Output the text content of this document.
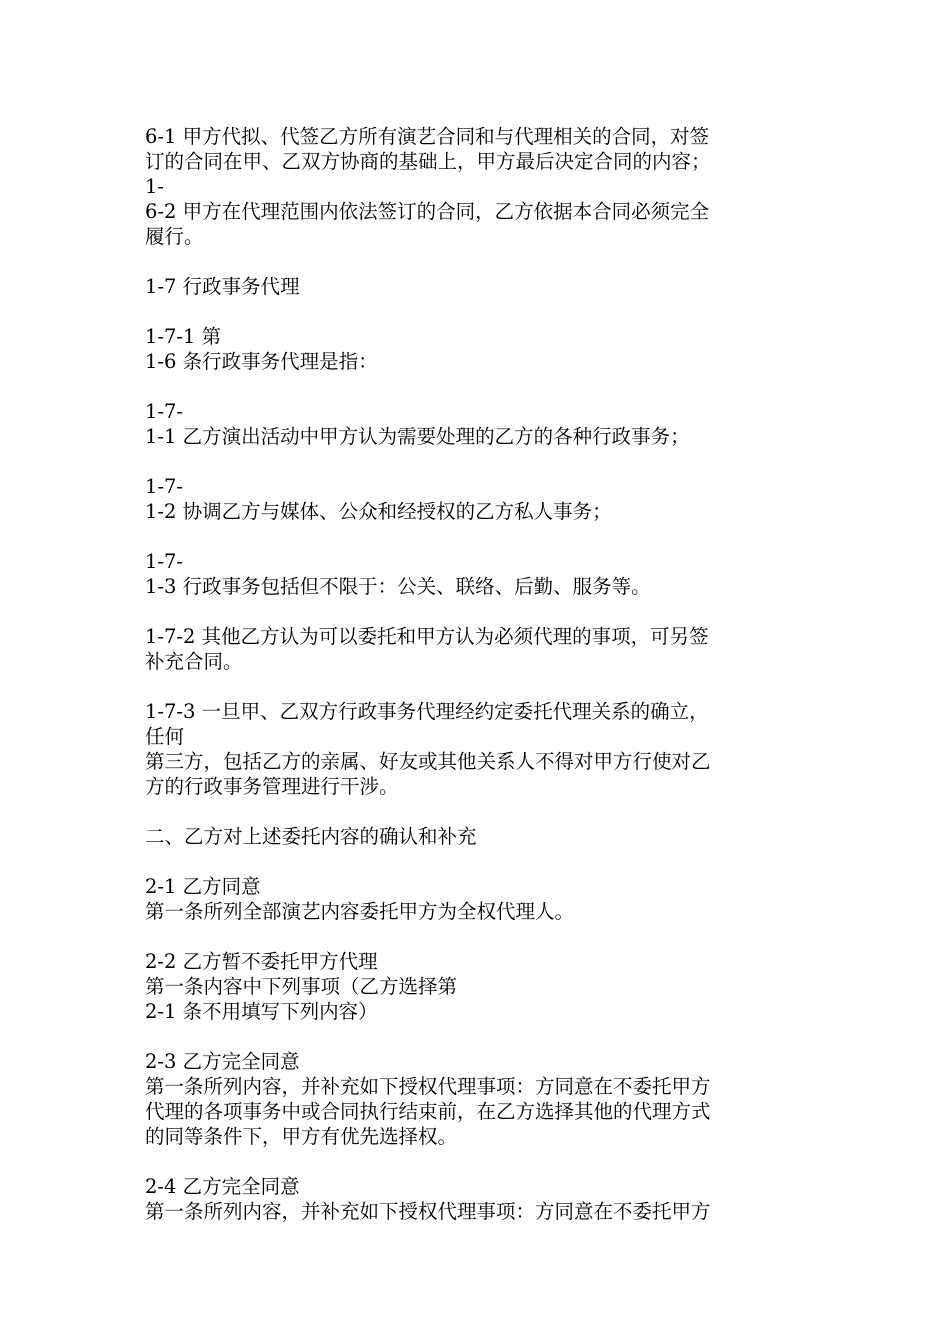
6-1 甲方代拟、代签乙方所有演艺合同和与代理相关的合同，对签
订的合同在甲、乙双方协商的基础上，甲方最后决定合同的内容；
1-
6-2 甲方在代理范围内依法签订的合同，乙方依据本合同必须完全
履行。
1-7 行政事务代理
1-7-1 第
1-6 条行政事务代理是指：
1-7-
1-1 乙方演出活动中甲方认为需要处理的乙方的各种行政事务；
1-7-
1-2 协调乙方与媒体、公众和经授权的乙方私人事务；
1-7-
1-3 行政事务包括但不限于：公关、联络、后勤、服务等。
1-7-2 其他乙方认为可以委托和甲方认为必须代理的事项，可另签
补充合同。
1-7-3 一旦甲、乙双方行政事务代理经约定委托代理关系的确立，
任何
第三方，包括乙方的亲属、好友或其他关系人不得对甲方行使对乙
方的行政事务管理进行干涉。
二、乙方对上述委托内容的确认和补充
2-1 乙方同意
第一条所列全部演艺内容委托甲方为全权代理人。
2-2 乙方暂不委托甲方代理
第一条内容中下列事项（乙方选择第
2-1 条不用填写下列内容）
2-3 乙方完全同意
第一条所列内容，并补充如下授权代理事项：方同意在不委托甲方
代理的各项事务中或合同执行结束前，在乙方选择其他的代理方式
的同等条件下，甲方有优先选择权。
2-4 乙方完全同意
第一条所列内容，并补充如下授权代理事项：方同意在不委托甲方
